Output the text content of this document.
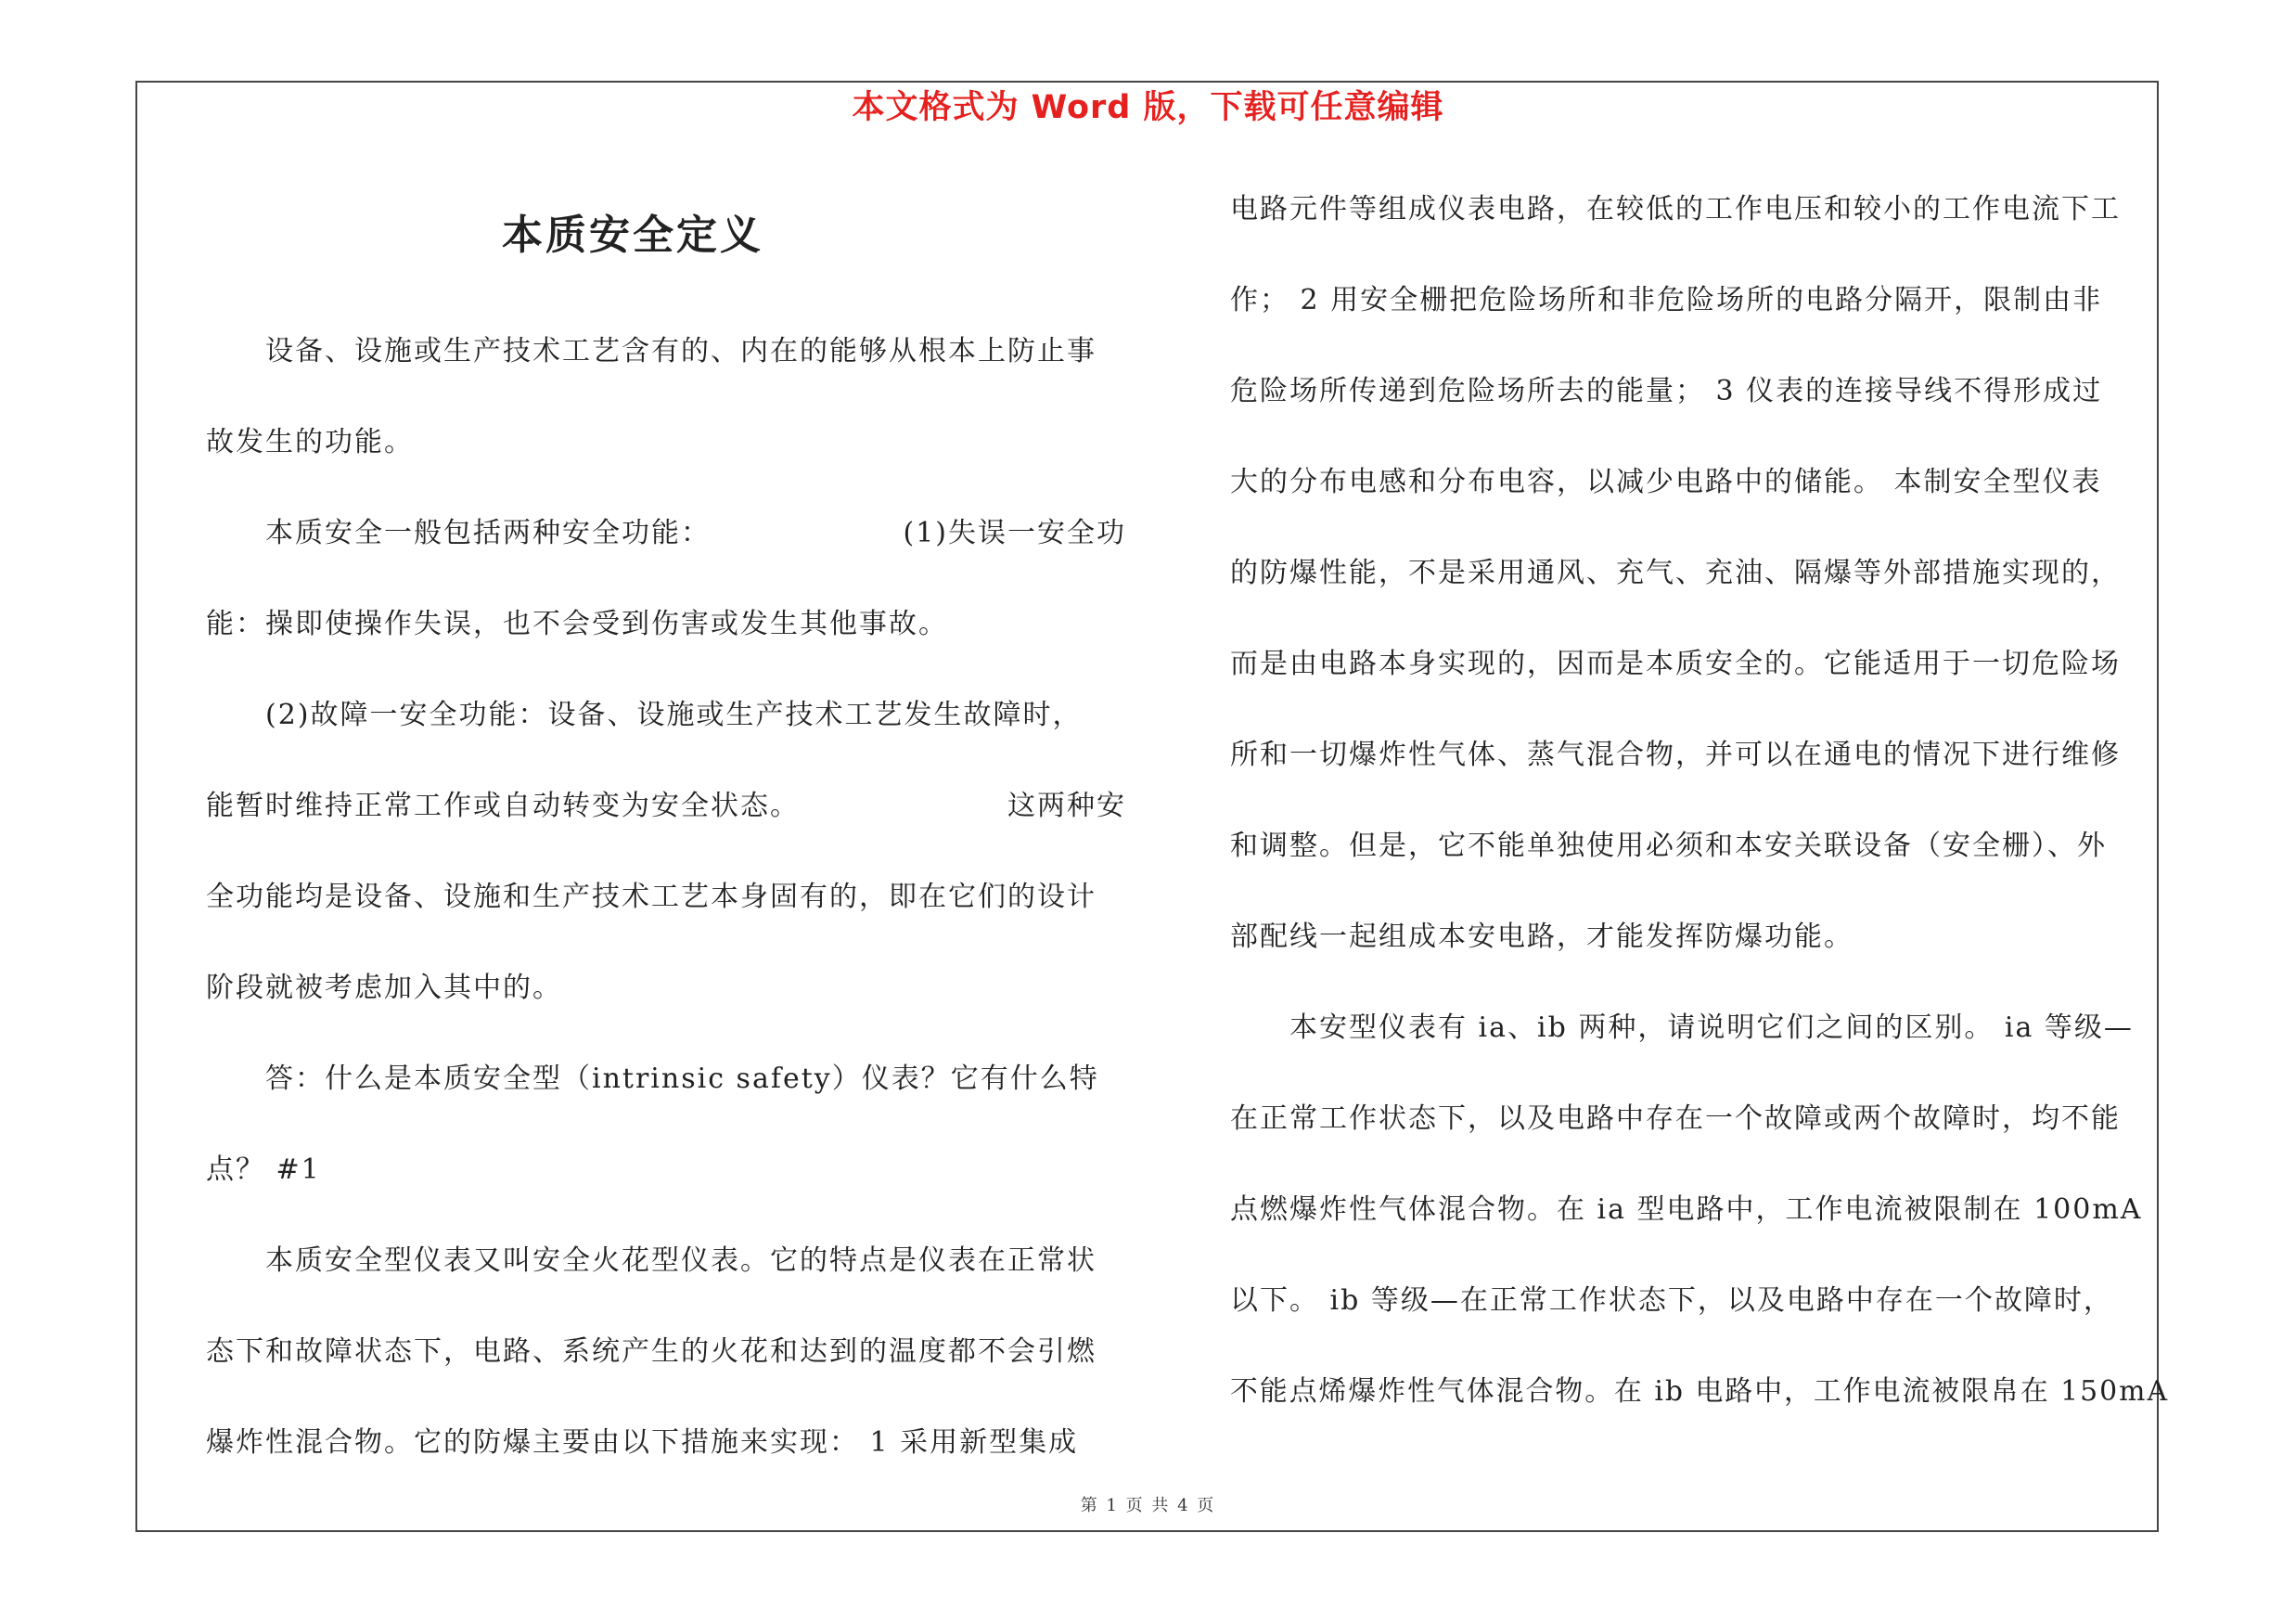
本文格式为 Word 版，下载可任意编辑
本质安全定义
设备、设施或生产技术工艺含有的、内在的能够从根本上防止事
故发生的功能。
本质安全一般包括两种安全功能：	(1)失误一安全功
能：操即使操作失误，也不会受到伤害或发生其他事故。
(2)故障一安全功能：设备、设施或生产技术工艺发生故障时，
能暂时维持正常工作或自动转变为安全状态。	这两种安
全功能均是设备、设施和生产技术工艺本身固有的，即在它们的设计
阶段就被考虑加入其中的。
答：什么是本质安全型（intrinsic safety）仪表？它有什么特
点？ #1
本质安全型仪表又叫安全火花型仪表。它的特点是仪表在正常状
态下和故障状态下，电路、系统产生的火花和达到的温度都不会引燃
爆炸性混合物。它的防爆主要由以下措施来实现： 1 采用新型集成
电路元件等组成仪表电路，在较低的工作电压和较小的工作电流下工
作； 2 用安全栅把危险场所和非危险场所的电路分隔开，限制由非
危险场所传递到危险场所去的能量； 3 仪表的连接导线不得形成过
大的分布电感和分布电容，以减少电路中的储能。 本制安全型仪表
的防爆性能，不是采用通风、充气、充油、隔爆等外部措施实现的，
而是由电路本身实现的，因而是本质安全的。它能适用于一切危险场
所和一切爆炸性气体、蒸气混合物，并可以在通电的情况下进行维修
和调整。但是，它不能单独使用必须和本安关联设备（安全栅）、外
部配线一起组成本安电路，才能发挥防爆功能。
本安型仪表有 ia、ib 两种，请说明它们之间的区别。 ia 等级—
在正常工作状态下，以及电路中存在一个故障或两个故障时，均不能
点燃爆炸性气体混合物。在 ia 型电路中，工作电流被限制在 100mA
以下。 ib 等级—在正常工作状态下，以及电路中存在一个故障时，
不能点烯爆炸性气体混合物。在 ib 电路中，工作电流被限帛在 150mA
第 1 页 共 4 页
